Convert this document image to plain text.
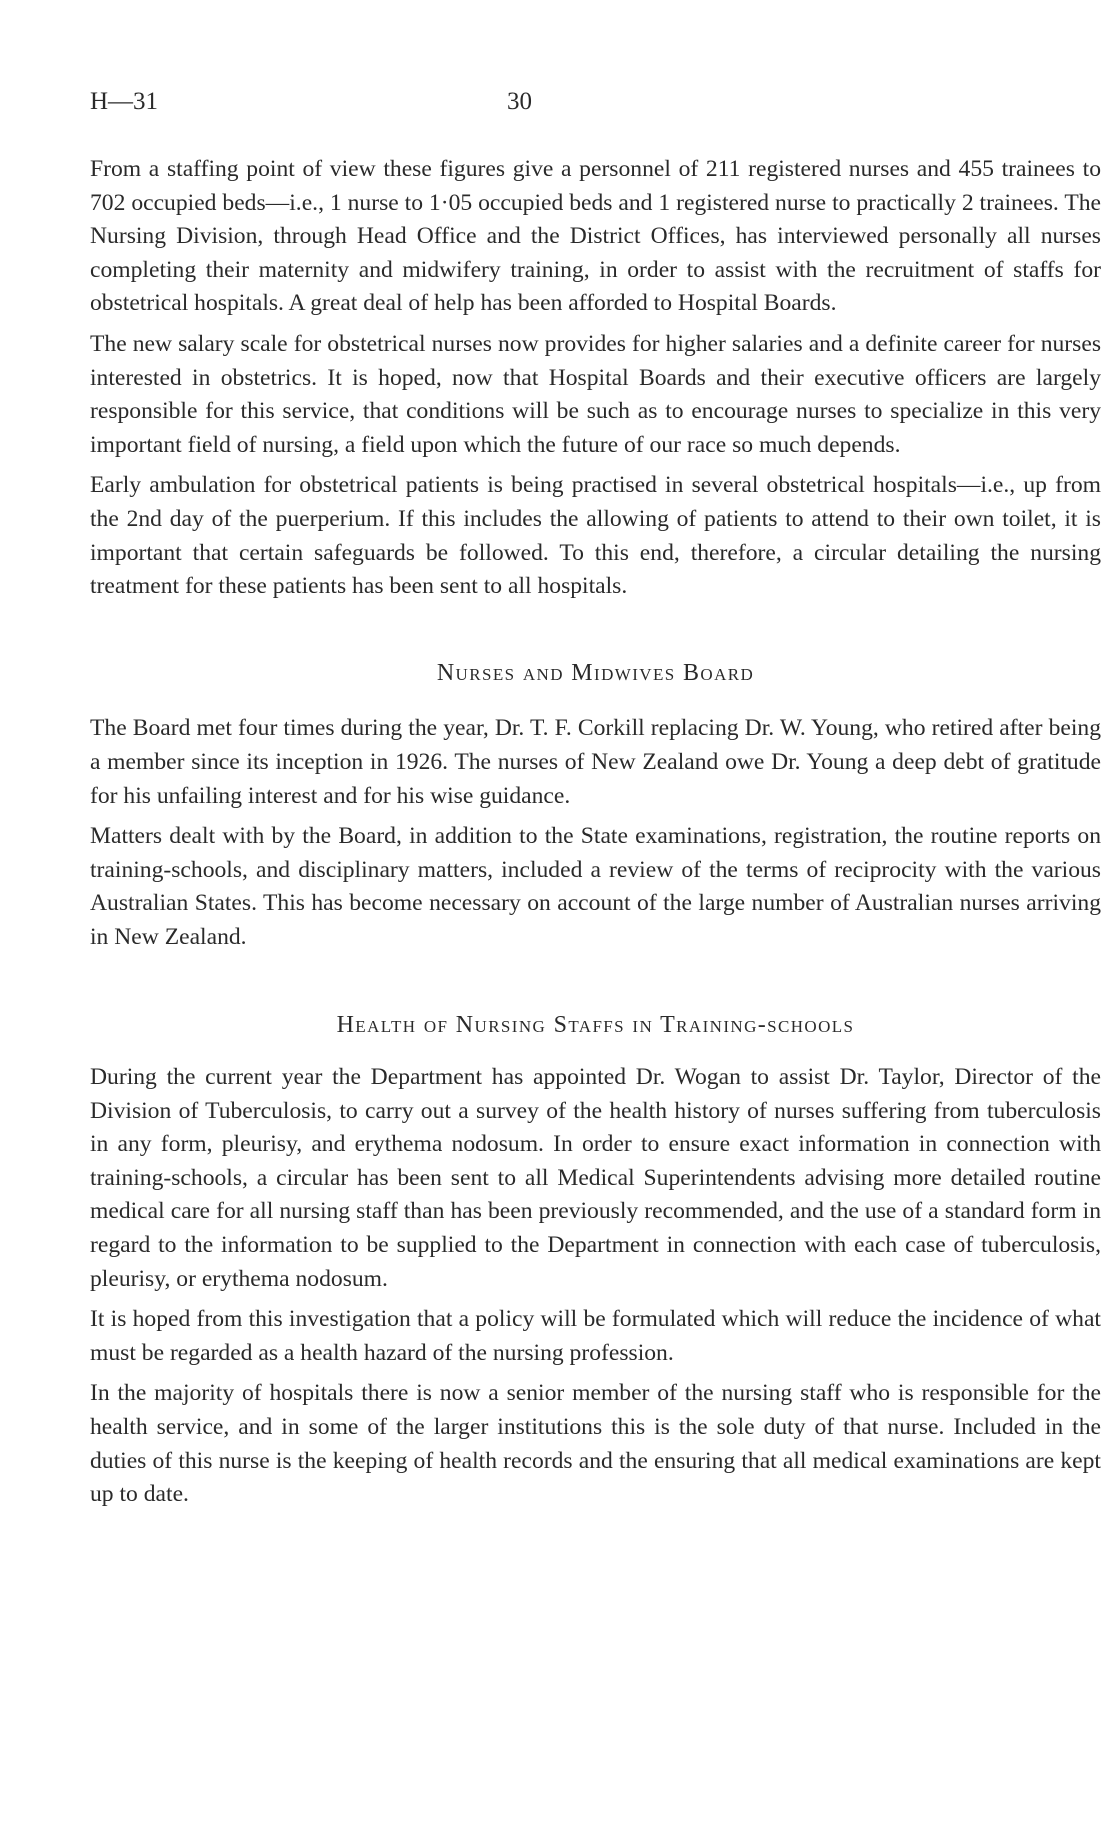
H—31	30

From a staffing point of view these figures give a personnel of 211 registered nurses and 455 trainees to 702 occupied beds—i.e., 1 nurse to 1·05 occupied beds and 1 registered nurse to practically 2 trainees. The Nursing Division, through Head Office and the District Offices, has interviewed personally all nurses completing their maternity and midwifery training, in order to assist with the recruitment of staffs for obstetrical hospitals. A great deal of help has been afforded to Hospital Boards.

The new salary scale for obstetrical nurses now provides for higher salaries and a definite career for nurses interested in obstetrics. It is hoped, now that Hospital Boards and their executive officers are largely responsible for this service, that conditions will be such as to encourage nurses to specialize in this very important field of nursing, a field upon which the future of our race so much depends.

Early ambulation for obstetrical patients is being practised in several obstetrical hospitals—i.e., up from the 2nd day of the puerperium. If this includes the allowing of patients to attend to their own toilet, it is important that certain safeguards be followed. To this end, therefore, a circular detailing the nursing treatment for these patients has been sent to all hospitals.

Nurses and Midwives Board

The Board met four times during the year, Dr. T. F. Corkill replacing Dr. W. Young, who retired after being a member since its inception in 1926. The nurses of New Zealand owe Dr. Young a deep debt of gratitude for his unfailing interest and for his wise guidance.

Matters dealt with by the Board, in addition to the State examinations, registration, the routine reports on training-schools, and disciplinary matters, included a review of the terms of reciprocity with the various Australian States. This has become necessary on account of the large number of Australian nurses arriving in New Zealand.

Health of Nursing Staffs in Training-schools

During the current year the Department has appointed Dr. Wogan to assist Dr. Taylor, Director of the Division of Tuberculosis, to carry out a survey of the health history of nurses suffering from tuberculosis in any form, pleurisy, and erythema nodosum. In order to ensure exact information in connection with training-schools, a circular has been sent to all Medical Superintendents advising more detailed routine medical care for all nursing staff than has been previously recommended, and the use of a standard form in regard to the information to be supplied to the Department in connection with each case of tuberculosis, pleurisy, or erythema nodosum.

It is hoped from this investigation that a policy will be formulated which will reduce the incidence of what must be regarded as a health hazard of the nursing profession.

In the majority of hospitals there is now a senior member of the nursing staff who is responsible for the health service, and in some of the larger institutions this is the sole duty of that nurse. Included in the duties of this nurse is the keeping of health records and the ensuring that all medical examinations are kept up to date.
